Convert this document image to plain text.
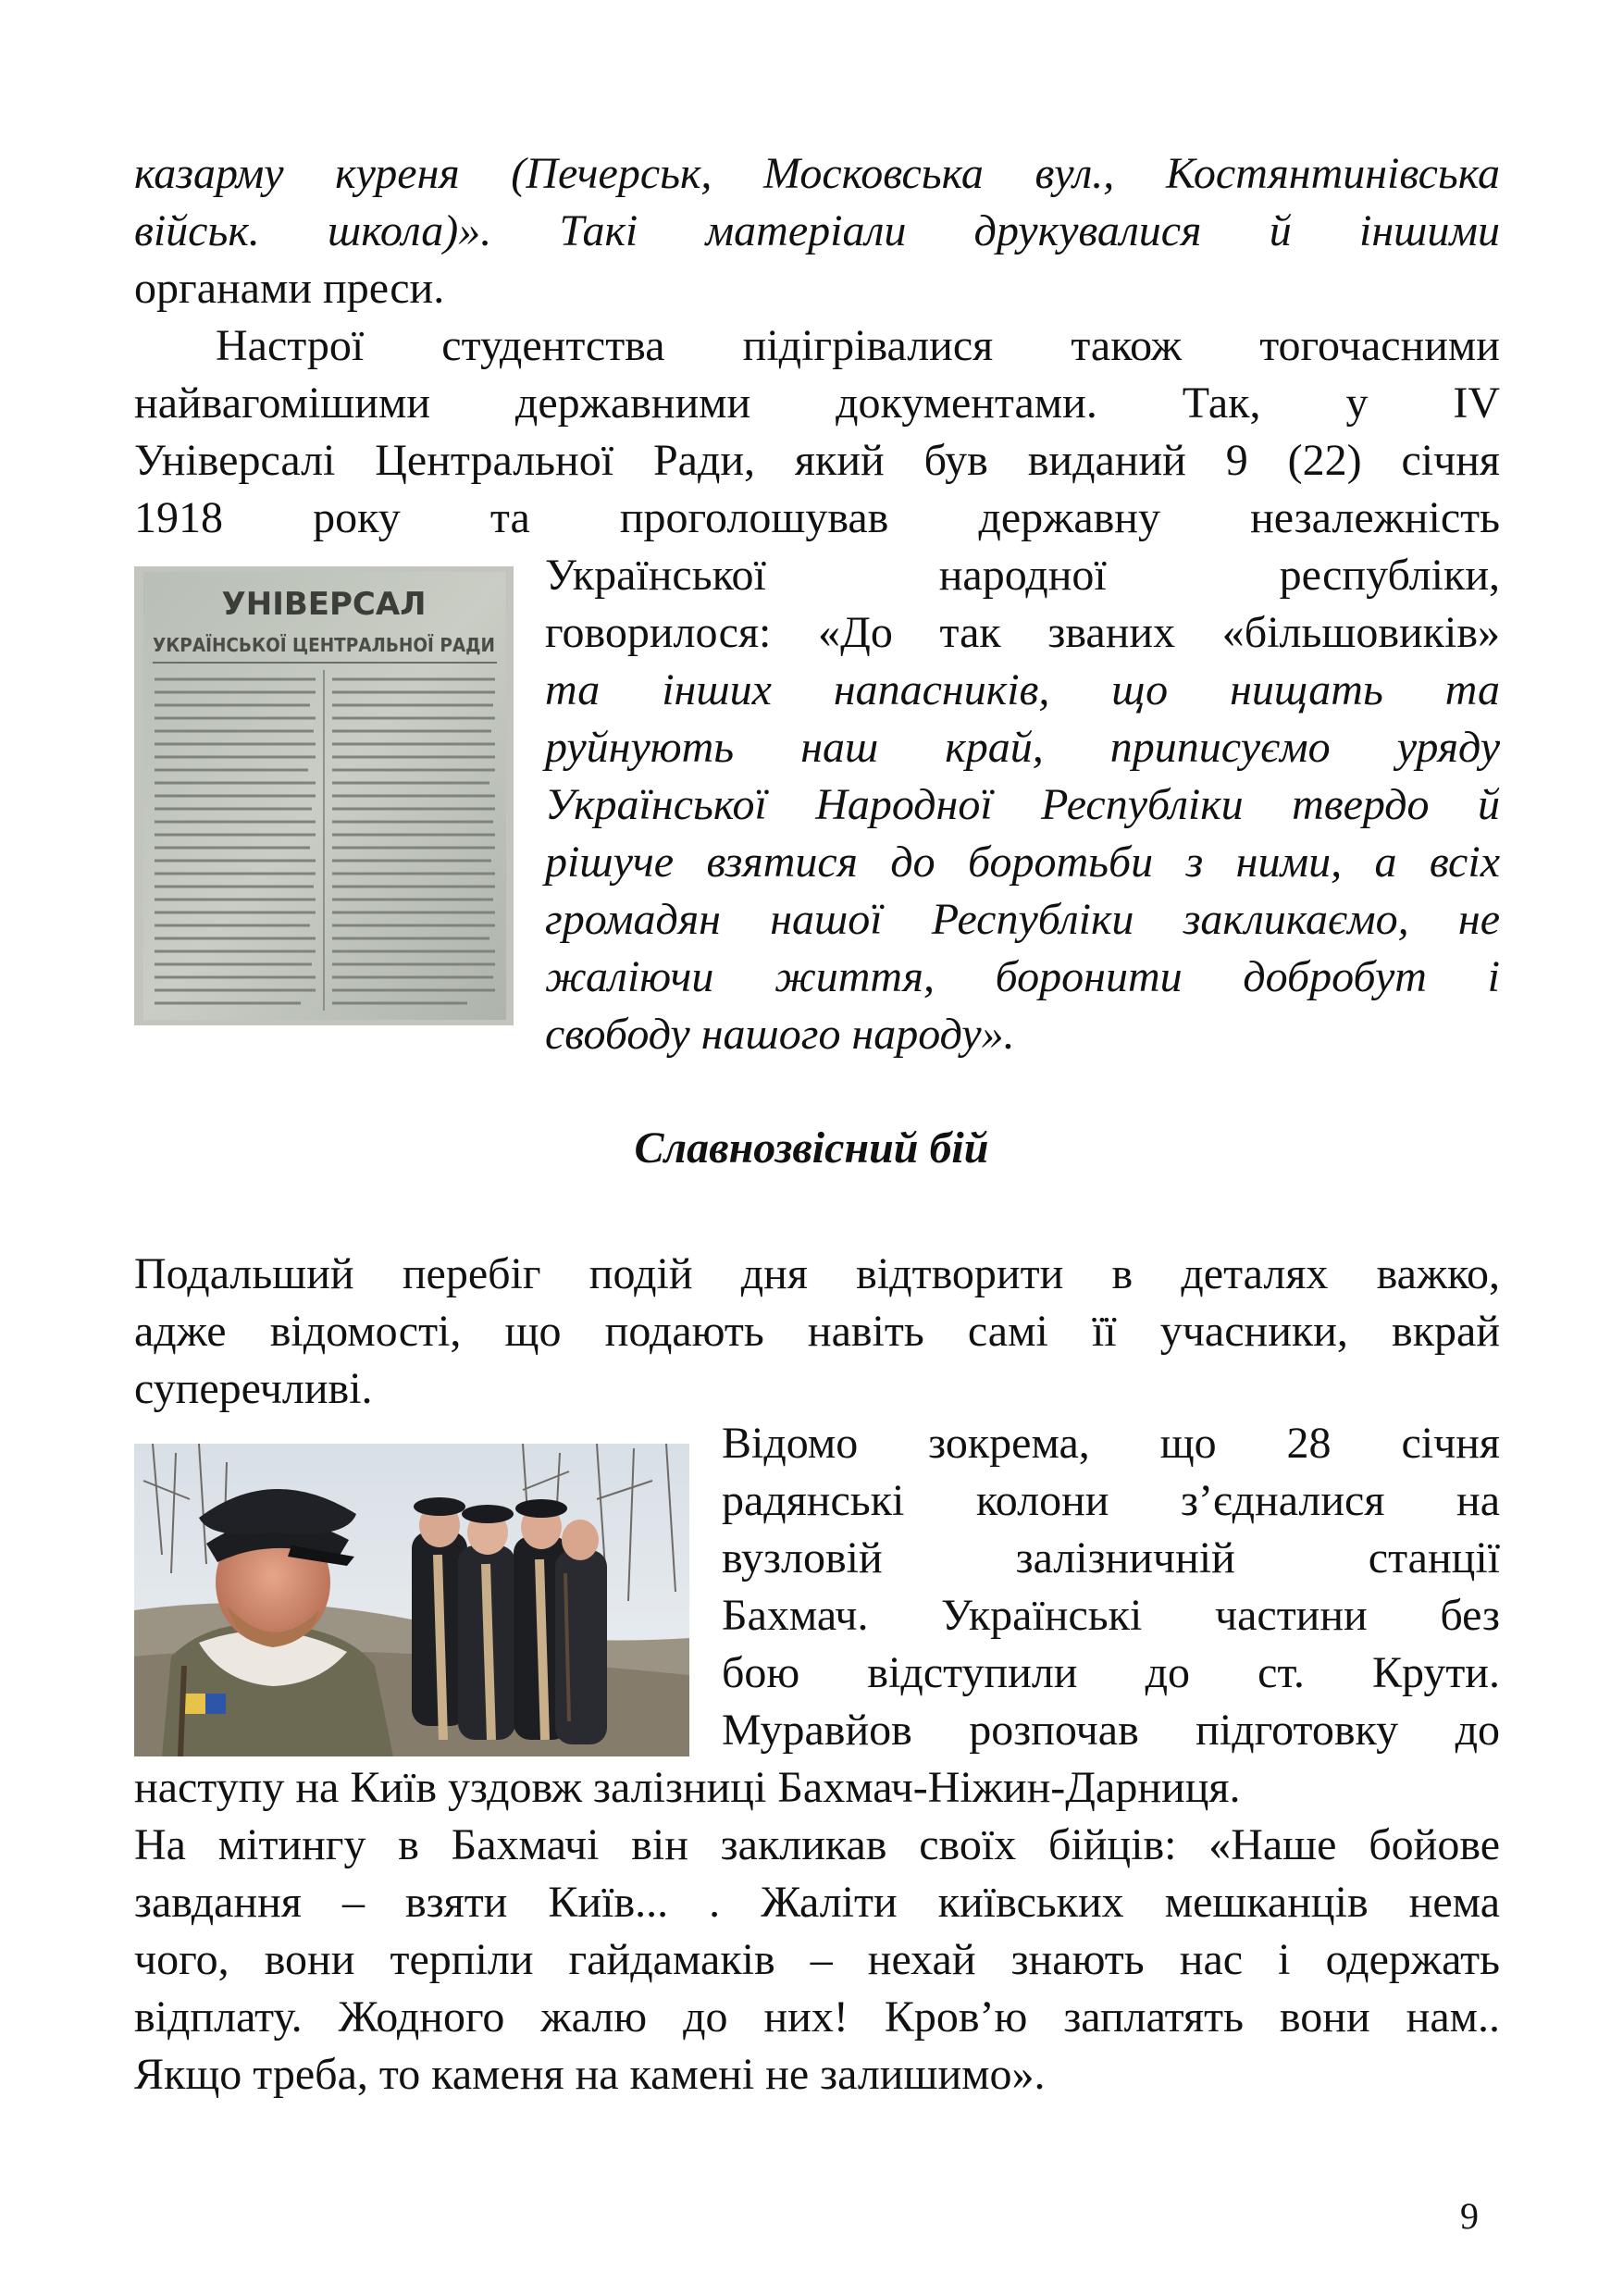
казарму куреня (Печерськ, Московська вул., Костянтинівська
військ. школа)». Такі матеріали друкувалися й іншими
органами преси.
Настрої студентства підігрівалися також тогочасними
найвагомішими державними документами. Так, у IV
Універсалі Центральної Ради, який був виданий 9 (22) січня
1918 року та проголошував державну незалежність
УНІВЕРСАЛ
УКРАЇНСЬКОЇ ЦЕНТРАЛЬНОЇ РАДИ
Української народної республіки,
говорилося: «До так званих «більшовиків»
та інших напасників, що нищать та
руйнують наш край, приписуємо уряду
Української Народної Республіки твердо й
рішуче взятися до боротьби з ними, а всіх
громадян нашої Республіки закликаємо, не
жаліючи життя, боронити добробут і
свободу нашого народу».
Славнозвісний бій
Подальший перебіг подій дня відтворити в деталях важко,
адже відомості, що подають навіть самі її учасники, вкрай
суперечливі.
Відомо зокрема, що 28 січня
радянські колони з’єдналися на
вузловій залізничній станції
Бахмач. Українські частини без
бою відступили до ст. Крути.
Муравйов розпочав підготовку до
наступу на Київ уздовж залізниці Бахмач-Ніжин-Дарниця.
На мітингу в Бахмачі він закликав своїх бійців: «Наше бойове
завдання – взяти Київ... . Жаліти київських мешканців нема
чого, вони терпіли гайдамаків – нехай знають нас і одержать
відплату. Жодного жалю до них! Кров’ю заплатять вони нам..
Якщо треба, то каменя на камені не залишимо».
9
